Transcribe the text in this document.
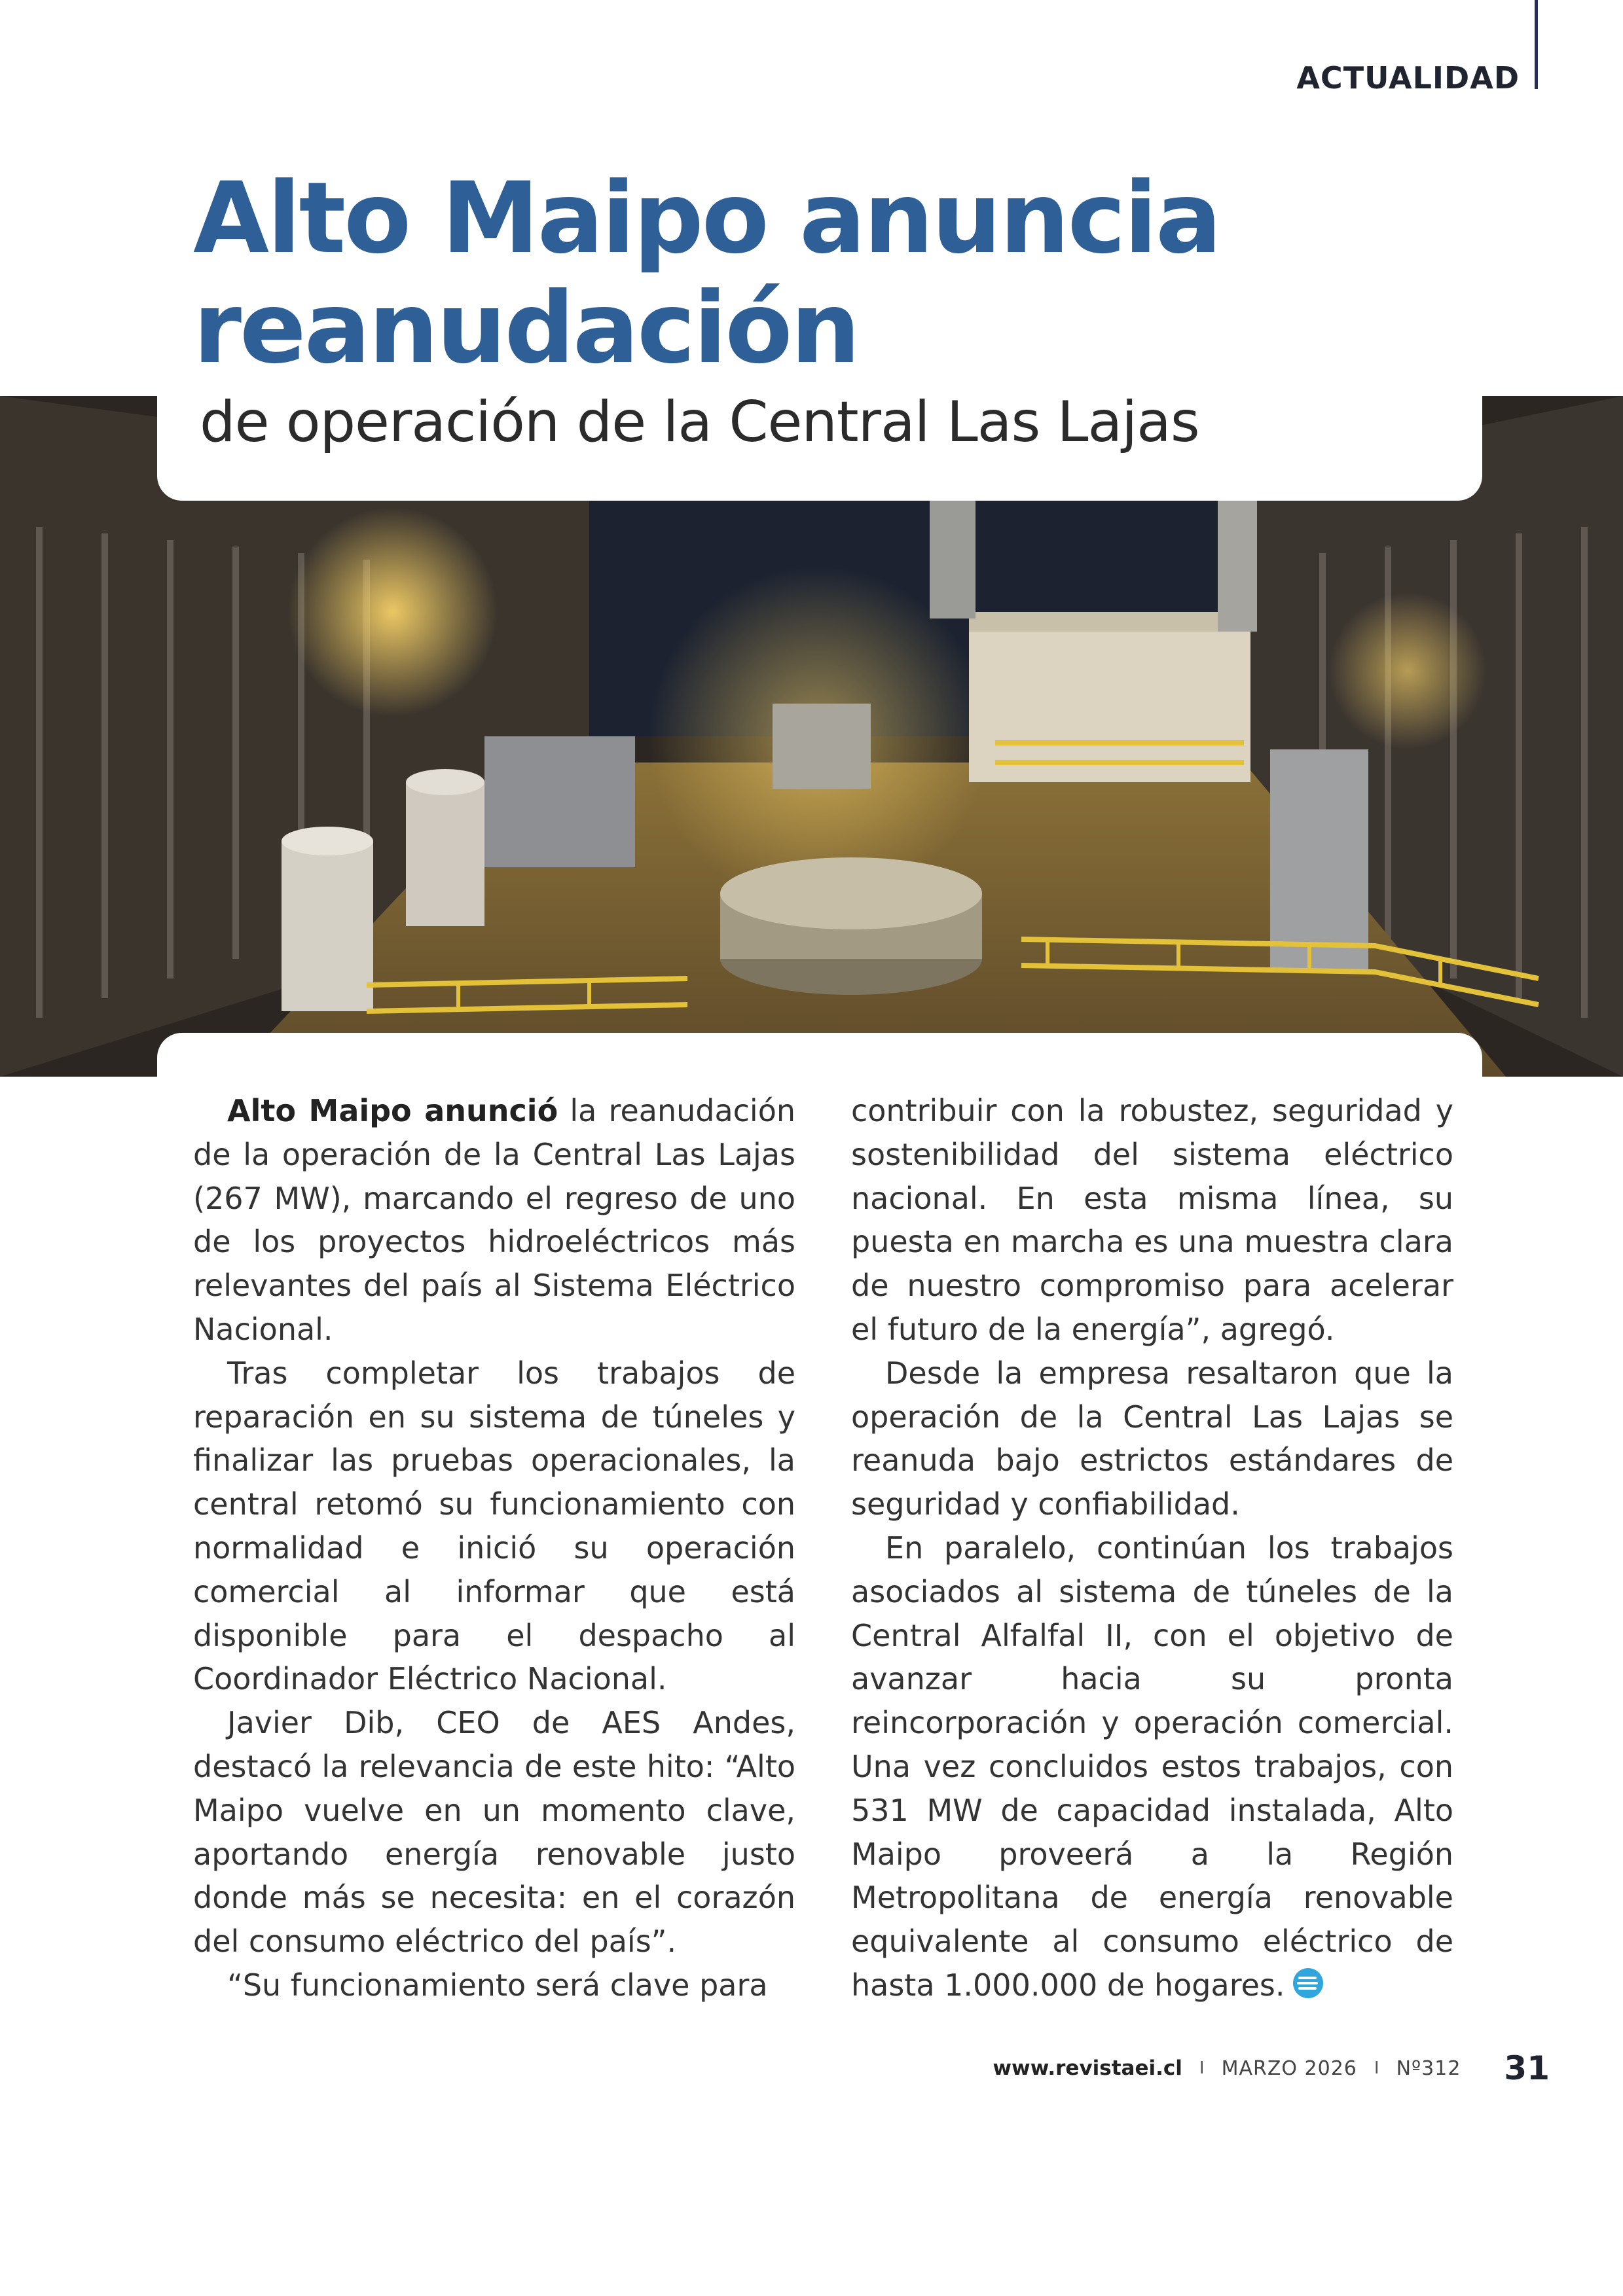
ACTUALIDAD
Alto Maipo anuncia reanudación

de operación de la Central Las Lajas

Alto Maipo anunció la reanudación de la operación de la Central Las Lajas (267 MW), marcando el regreso de uno de los proyectos hidroeléctricos más relevantes del país al Sistema Eléctrico Nacional.

Tras completar los trabajos de reparación en su sistema de túneles y finalizar las pruebas operacionales, la central retomó su funcionamiento con normalidad e inició su operación comercial al informar que está disponible para el despacho al Coordinador Eléctrico Nacional.

Javier Dib, CEO de AES Andes, destacó la relevancia de este hito: “Alto Maipo vuelve en un momento clave, aportando energía renovable justo donde más se necesita: en el corazón del consumo eléctrico del país”.

“Su funcionamiento será clave para

contribuir con la robustez, seguridad y sostenibilidad del sistema eléctrico nacional. En esta misma línea, su puesta en marcha es una muestra clara de nuestro compromiso para acelerar el futuro de la energía”, agregó.

Desde la empresa resaltaron que la operación de la Central Las Lajas se reanuda bajo estrictos estándares de seguridad y confiabilidad.

En paralelo, continúan los trabajos asociados al sistema de túneles de la Central Alfalfal II, con el objetivo de avanzar hacia su pronta reincorporación y operación comercial. Una vez concluidos estos trabajos, con 531 MW de capacidad instalada, Alto Maipo proveerá a la Región Metropolitana de energía renovable equivalente al consumo eléctrico de hasta 1.000.000 de hogares.

www.revistaei.cl I MARZO 2026 I Nº312 31
